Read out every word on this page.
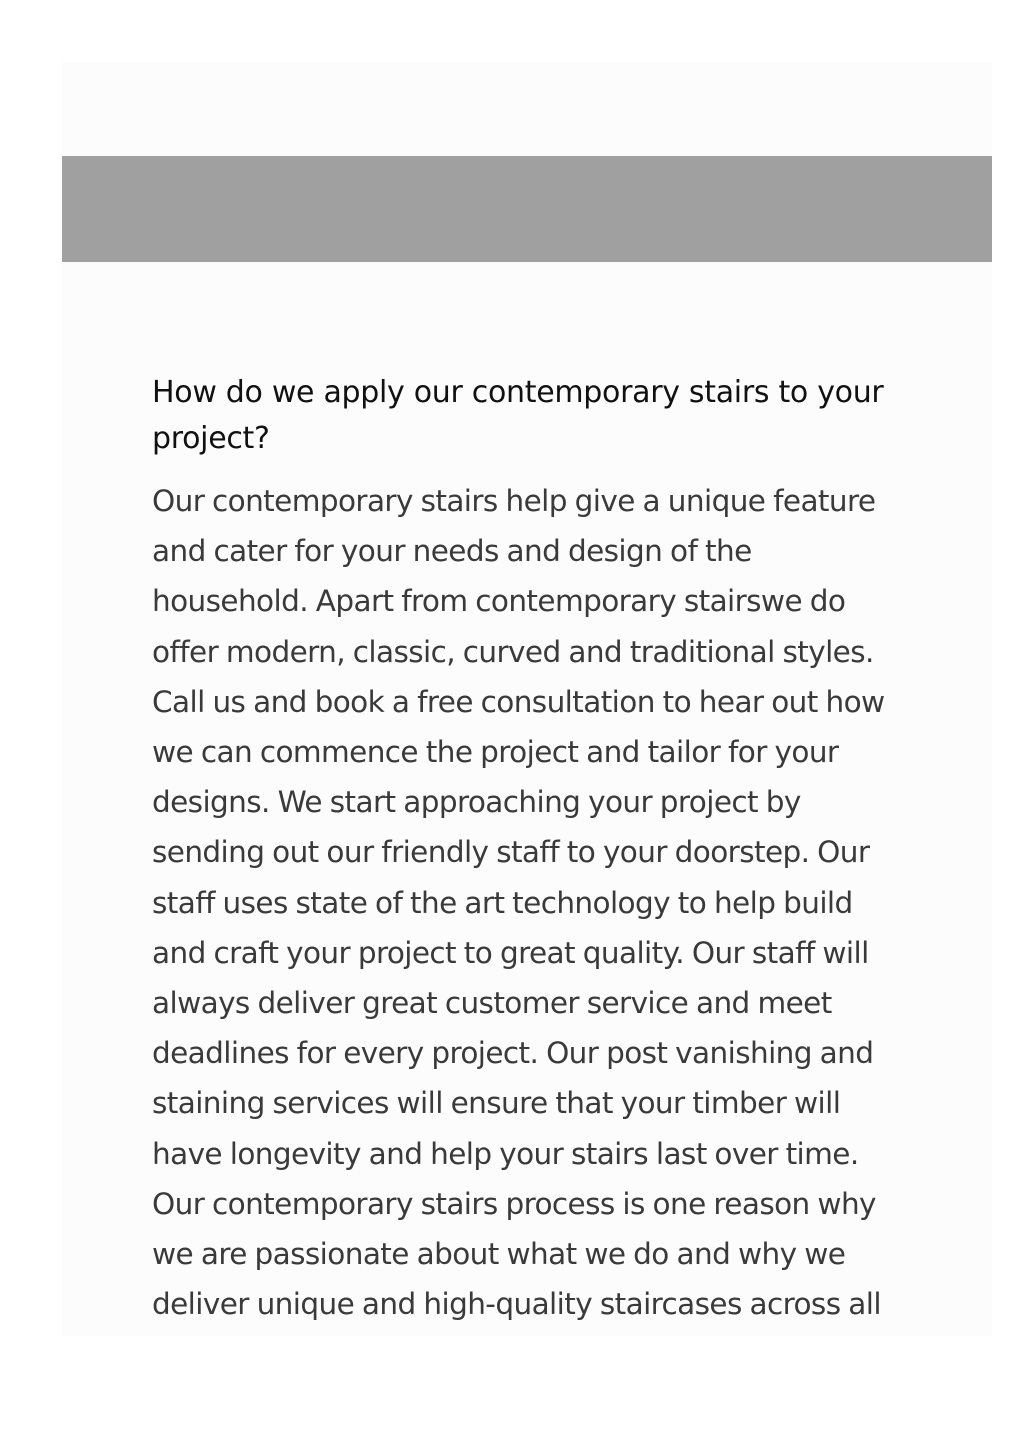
How do we apply our contemporary stairs to your project?

Our contemporary stairs help give a unique feature and cater for your needs and design of the household. Apart from contemporary stairswe do offer modern, classic, curved and traditional styles. Call us and book a free consultation to hear out how we can commence the project and tailor for your designs. We start approaching your project by sending out our friendly staff to your doorstep. Our staff uses state of the art technology to help build and craft your project to great quality. Our staff will always deliver great customer service and meet deadlines for every project. Our post vanishing and staining services will ensure that your timber will have longevity and help your stairs last over time. Our contemporary stairs process is one reason why we are passionate about what we do and why we deliver unique and high-quality staircases across all
